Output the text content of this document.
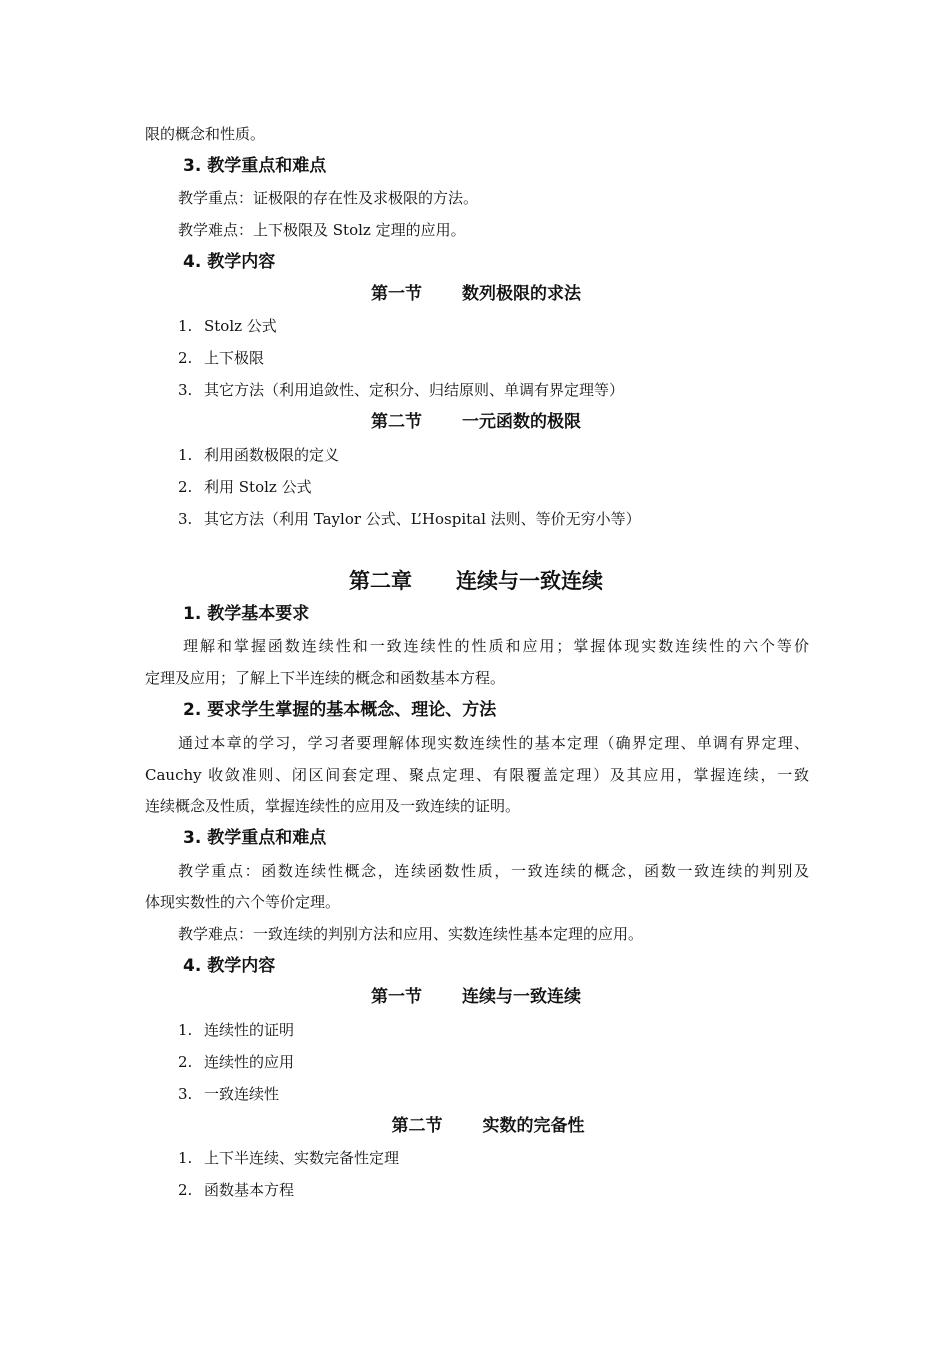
限的概念和性质。
3. 教学重点和难点
教学重点：证极限的存在性及求极限的方法。
教学难点：上下极限及 Stolz 定理的应用。
4. 教学内容
第一节 数列极限的求法
1. Stolz 公式
2. 上下极限
3. 其它方法（利用追敛性、定积分、归结原则、单调有界定理等）
第二节 一元函数的极限
1. 利用函数极限的定义
2. 利用 Stolz 公式
3. 其它方法（利用 Taylor 公式、L’Hospital 法则、等价无穷小等）
第二章 连续与一致连续
1. 教学基本要求
理解和掌握函数连续性和一致连续性的性质和应用；掌握体现实数连续性的六个等价
定理及应用；了解上下半连续的概念和函数基本方程。
2. 要求学生掌握的基本概念、理论、方法
通过本章的学习，学习者要理解体现实数连续性的基本定理（确界定理、单调有界定理、
Cauchy 收敛准则、闭区间套定理、聚点定理、有限覆盖定理）及其应用，掌握连续，一致
连续概念及性质，掌握连续性的应用及一致连续的证明。
3. 教学重点和难点
教学重点：函数连续性概念，连续函数性质，一致连续的概念，函数一致连续的判别及
体现实数性的六个等价定理。
教学难点：一致连续的判别方法和应用、实数连续性基本定理的应用。
4. 教学内容
第一节 连续与一致连续
1. 连续性的证明
2. 连续性的应用
3. 一致连续性
第二节 实数的完备性
1. 上下半连续、实数完备性定理
2. 函数基本方程
